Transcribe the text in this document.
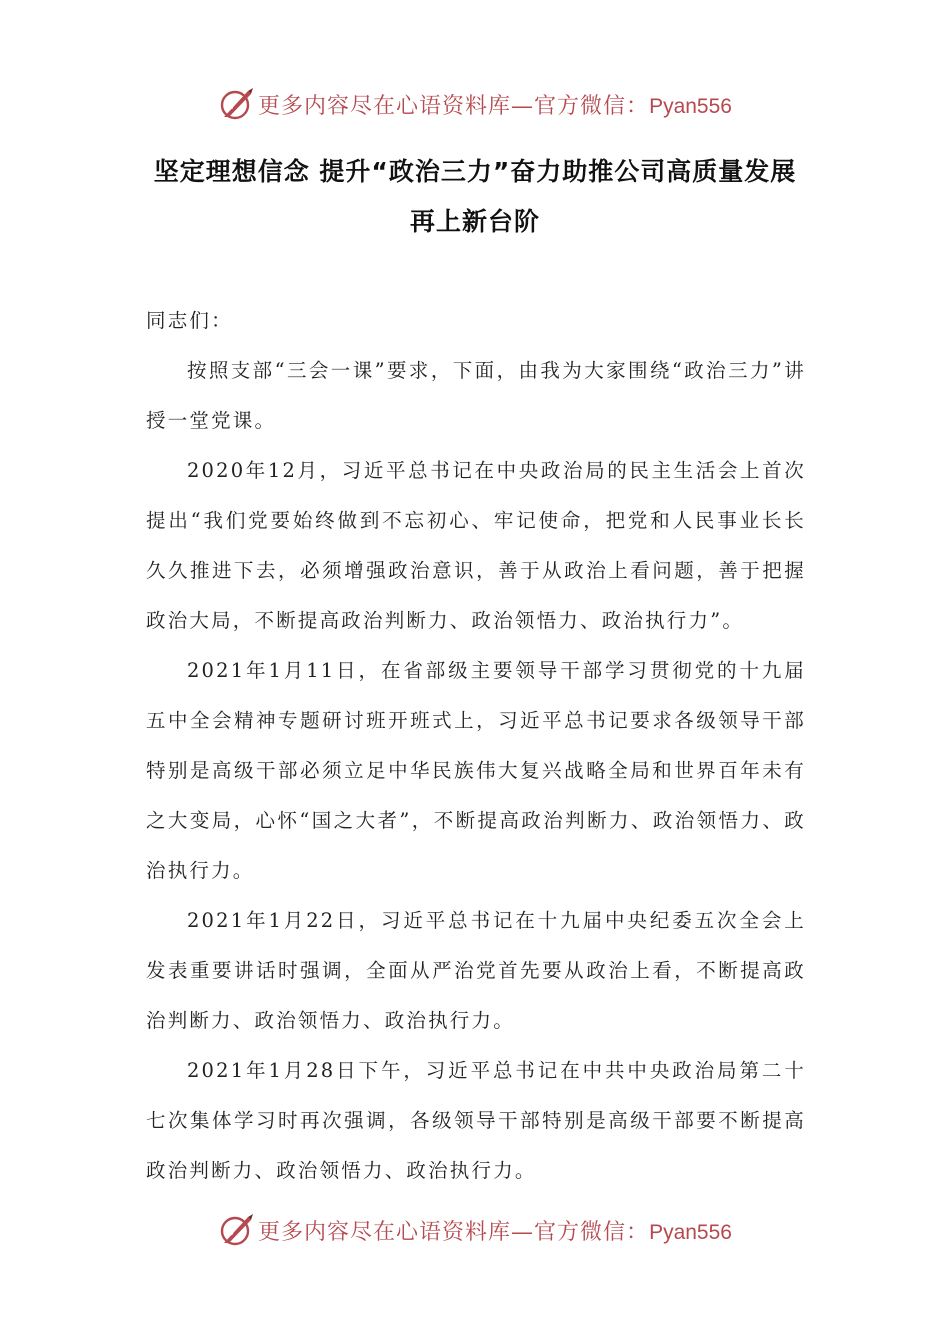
更多内容尽在心语资料库—官方微信：Pyan556
坚定理想信念 提升“政治三力”奋力助推公司高质量发展
再上新台阶

同志们：

按照支部“三会一课”要求，下面，由我为大家围绕“政治三力”讲授一堂党课。

2020年12月，习近平总书记在中央政治局的民主生活会上首次提出“我们党要始终做到不忘初心、牢记使命，把党和人民事业长长久久推进下去，必须增强政治意识，善于从政治上看问题，善于把握政治大局，不断提高政治判断力、政治领悟力、政治执行力”。

2021年1月11日，在省部级主要领导干部学习贯彻党的十九届五中全会精神专题研讨班开班式上，习近平总书记要求各级领导干部特别是高级干部必须立足中华民族伟大复兴战略全局和世界百年未有之大变局，心怀“国之大者”，不断提高政治判断力、政治领悟力、政治执行力。

2021年1月22日，习近平总书记在十九届中央纪委五次全会上发表重要讲话时强调，全面从严治党首先要从政治上看，不断提高政治判断力、政治领悟力、政治执行力。

2021年1月28日下午，习近平总书记在中共中央政治局第二十七次集体学习时再次强调，各级领导干部特别是高级干部要不断提高政治判断力、政治领悟力、政治执行力。

更多内容尽在心语资料库—官方微信：Pyan556
